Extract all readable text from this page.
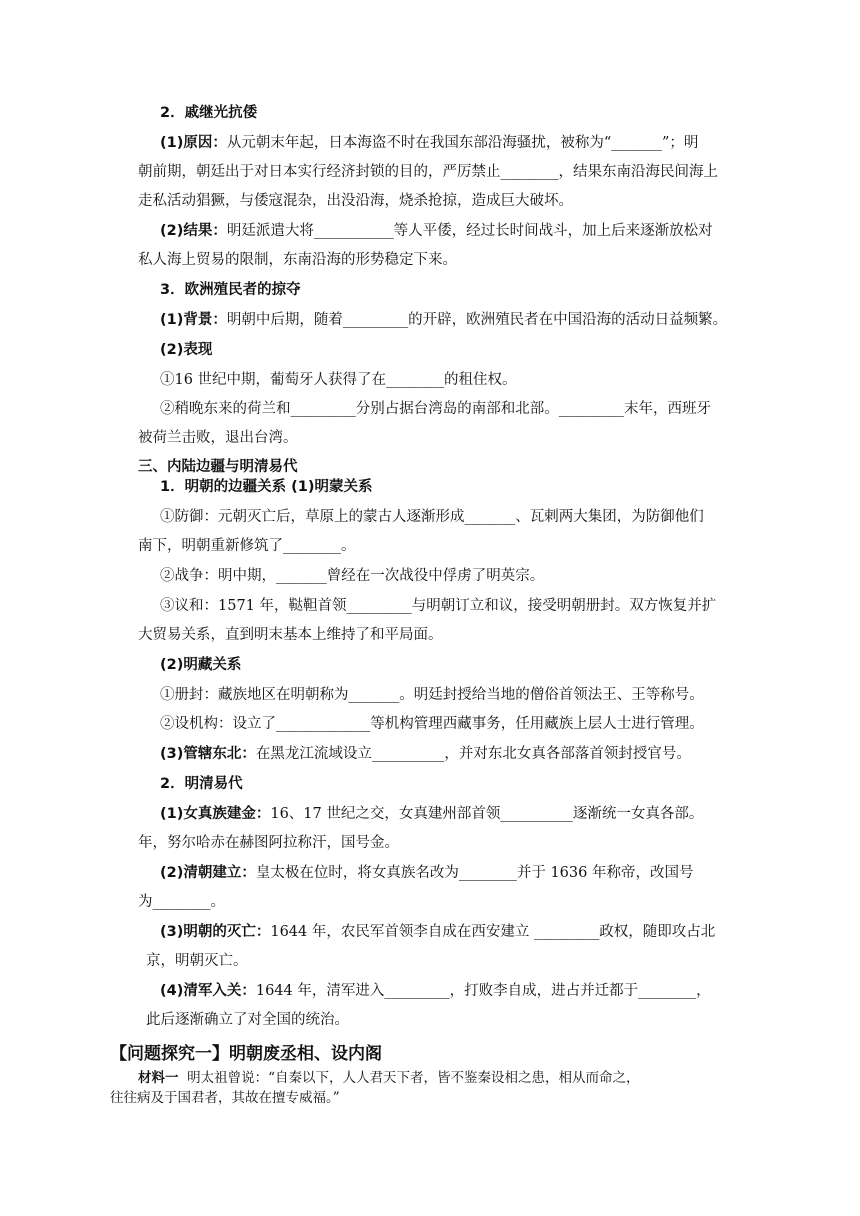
2．戚继光抗倭
(1)原因：从元朝末年起，日本海盗不时在我国东部沿海骚扰，被称为“_______”；明
朝前期，朝廷出于对日本实行经济封锁的目的，严厉禁止________，结果东南沿海民间海上
走私活动猖獗，与倭寇混杂，出没沿海，烧杀抢掠，造成巨大破坏。
(2)结果：明廷派遣大将___________等人平倭，经过长时间战斗，加上后来逐渐放松对
私人海上贸易的限制，东南沿海的形势稳定下来。
3．欧洲殖民者的掠夺
(1)背景：明朝中后期，随着_________的开辟，欧洲殖民者在中国沿海的活动日益频繁。
(2)表现
①16 世纪中期，葡萄牙人获得了在________的租住权。
②稍晚东来的荷兰和_________分别占据台湾岛的南部和北部。_________末年，西班牙
被荷兰击败，退出台湾。
三、内陆边疆与明清易代
1．明朝的边疆关系 (1)明蒙关系
①防御：元朝灭亡后，草原上的蒙古人逐渐形成_______、瓦剌两大集团，为防御他们
南下，明朝重新修筑了________。
②战争：明中期，_______曾经在一次战役中俘虏了明英宗。
③议和：1571 年，鞑靼首领_________与明朝订立和议，接受明朝册封。双方恢复并扩
大贸易关系，直到明末基本上维持了和平局面。
(2)明藏关系
①册封：藏族地区在明朝称为_______。明廷封授给当地的僧俗首领法王、王等称号。
②设机构：设立了_____________等机构管理西藏事务，任用藏族上层人士进行管理。
(3)管辖东北：在黑龙江流域设立__________，并对东北女真各部落首领封授官号。
2．明清易代
(1)女真族建金：16、17 世纪之交，女真建州部首领__________逐渐统一女真各部。
年，努尔哈赤在赫图阿拉称汗，国号金。
(2)清朝建立：皇太极在位时，将女真族名改为________并于 1636 年称帝，改国号
为________。
(3)明朝的灭亡：1644 年，农民军首领李自成在西安建立 _________政权，随即攻占北
京，明朝灭亡。
(4)清军入关：1644 年，清军进入_________，打败李自成，进占并迁都于________，
此后逐渐确立了对全国的统治。
【问题探究一】明朝废丞相、设内阁
材料一 明太祖曾说：“自秦以下，人人君天下者，皆不鉴秦设相之患，相从而命之，
往往病及于国君者，其故在擅专威福。”
